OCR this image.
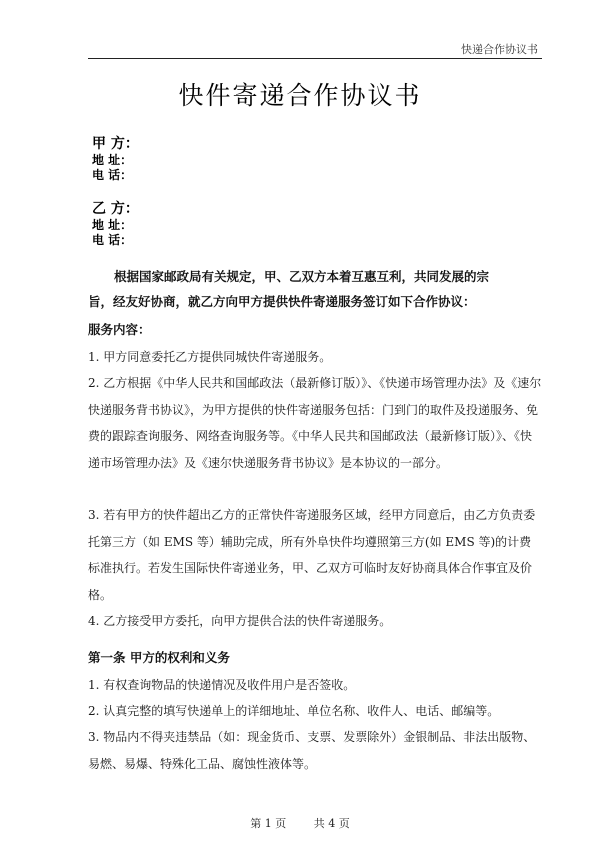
快递合作协议书
快件寄递合作协议书
甲 方：
地 址：
电 话：
乙 方：
地 址：
电 话：
根据国家邮政局有关规定，甲、乙双方本着互惠互利，共同发展的宗旨，经友好协商，就乙方向甲方提供快件寄递服务签订如下合作协议：
服务内容：
1. 甲方同意委托乙方提供同城快件寄递服务。
2. 乙方根据《中华人民共和国邮政法（最新修订版）》、《快递市场管理办法》及《速尔快递服务背书协议》，为甲方提供的快件寄递服务包括：门到门的取件及投递服务、免费的跟踪查询服务、网络查询服务等。《中华人民共和国邮政法（最新修订版）》、《快递市场管理办法》及《速尔快递服务背书协议》是本协议的一部分。
3. 若有甲方的快件超出乙方的正常快件寄递服务区域，经甲方同意后，由乙方负责委托第三方（如 EMS 等）辅助完成，所有外阜快件均遵照第三方(如 EMS 等)的计费标准执行。若发生国际快件寄递业务，甲、乙双方可临时友好协商具体合作事宜及价格。
4. 乙方接受甲方委托，向甲方提供合法的快件寄递服务。
第一条 甲方的权利和义务
1. 有权查询物品的快递情况及收件用户是否签收。
2. 认真完整的填写快递单上的详细地址、单位名称、收件人、电话、邮编等。
3. 物品内不得夹违禁品（如：现金货币、支票、发票除外）金银制品、非法出版物、易燃、易爆、特殊化工品、腐蚀性液体等。
第 1 页	共 4 页
